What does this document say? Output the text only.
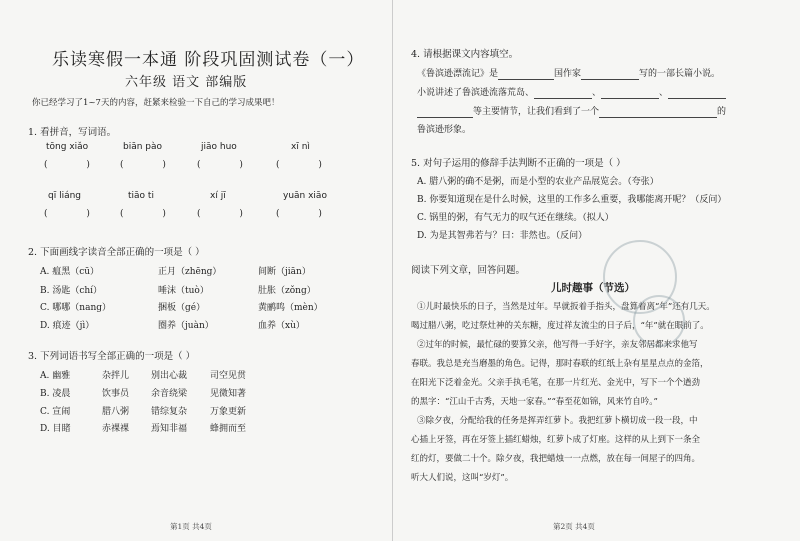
乐读寒假一本通 阶段巩固测试卷（一）
六年级 语文 部编版
你已经学习了1~7天的内容，赶紧来检验一下自己的学习成果吧！
1. 看拼音，写词语。
tōng xiǎo	biān pào	jiāo huo	xī nì
( ) ( ) ( ) ( )
qī liáng	tiāo ti	xí jī	yuān xiāo
( ) ( ) ( ) ( )
2. 下面画线字读音全部正确的一项是（ ）
A. 瘟黑（cū）	正月（zhēng）	间断（jiān）
B. 汤匙（chí）	唾沫（tuò）	肚胀（zǒng）
C. 哪哪（nang）	捆板（gé）	黄鹂鸣（mèn）
D. 痕迹（jì）	圈养（juàn）	血养（xù）
3. 下列词语书写全部正确的一项是（ ）
A. 幽雅	杂拌儿 别出心裁	司空见贯
B. 凌晨	饮事员 余音绕梁	见微知著
C. 宣闹	腊八粥 错综复杂	万象更新
D. 目睹	赤裸裸 焉知非福	蜂拥而至
第1页 共4页
4. 请根据课文内容填空。
《鲁滨逊漂流记》是	国作家	写的一部长篇小说。
小说讲述了鲁滨逊流落荒岛、	、	、
等主要情节，让我们看到了一个	的
鲁滨逊形象。
5. 对句子运用的修辞手法判断不正确的一项是（ ）
A. 腊八粥的确不是粥，而是小型的农业产品展览会。（夸张）
B. 你要知道现在是什么时候，这里的工作多么重要，我哪能离开呢？（反问）
C. 锅里的粥，有气无力的叹气还在继续。（拟人）
D. 为是其智弗若与？曰：非然也。（反问）
阅读下列文章，回答问题。
儿时趣事（节选）
①儿时最快乐的日子，当然是过年。早就扳着手指头，盘算着离“年”还有几天。
喝过腊八粥，吃过祭灶神的关东糖，度过祥友流尘的日子后，“年”就在眼前了。
②过年的时候，最忙碌的要算父亲，他写得一手好字，亲友邻居都来求他写
春联。我总是充当磨墨的角色。记得，那时春联的红纸上杂有星星点点的金箔，
在阳光下泛着金光。父亲手执毛笔，在那一片红光、金光中，写下一个个遒劲
的黑字：“江山千古秀，天地一家春。”“春至花如锦，风来竹自吟。”
③除夕夜，分配给我的任务是挥弄红萝卜。我把红萝卜横切成一段一段，中
心插上牙签，再在牙签上插红蜡烛，红萝卜成了灯座。这样的从上到下一条全
红的灯，要做二十个。除夕夜，我把蜡烛一一点燃，放在每一间屋子的四角。
听大人们说，这叫“岁灯”。
第2页 共4页
